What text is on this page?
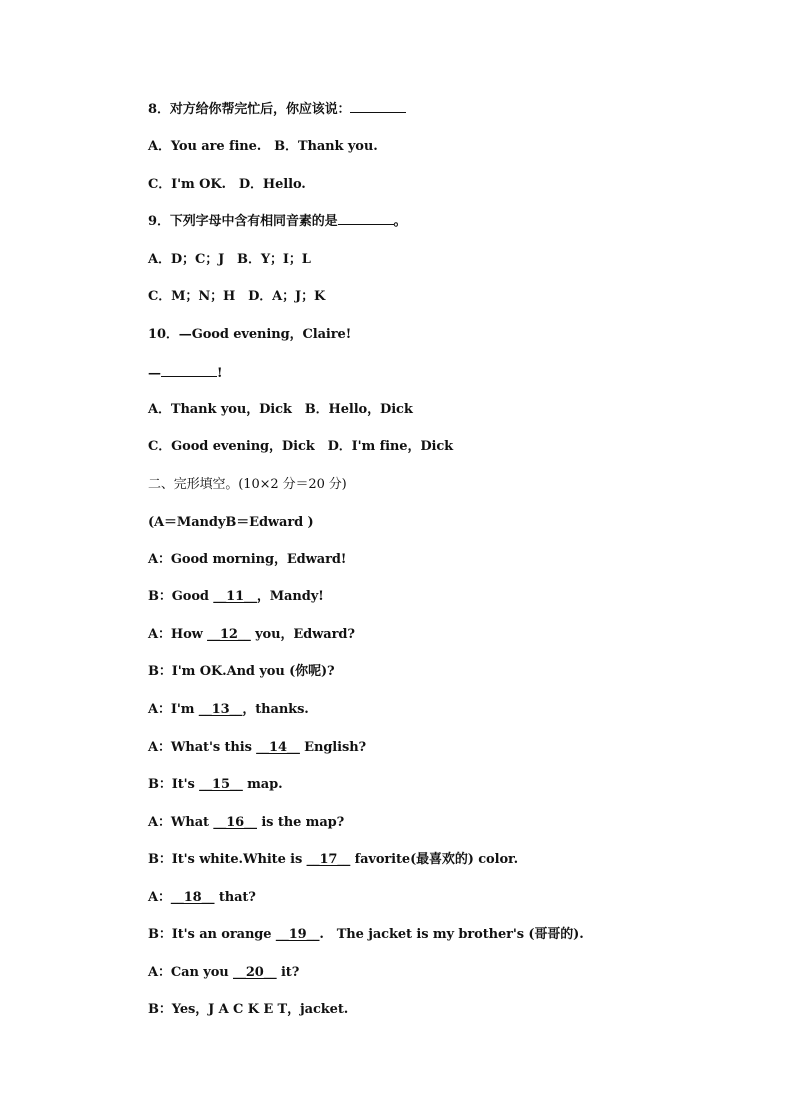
8．对方给你帮完忙后，你应该说：
A．You are fine.　B．Thank you.
C．I'm OK.　D．Hello.
9．下列字母中含有相同音素的是	。
A．D；C；J　B．Y；I；L
C．M；N；H　D．A；J；K
10．—Good evening，Claire!
—	!
A．Thank you，Dick　B．Hello，Dick
C．Good evening，Dick　D．I'm fine，Dick
二、完形填空。(10×2 分＝20 分)
(A＝MandyB＝Edward )
A：Good morning，Edward!
B：Good __11__，Mandy!
A：How __12__ you，Edward?
B：I'm OK.And you (你呢)?
A：I'm __13__，thanks.
A：What's this __14__ English?
B：It's __15__ map.
A：What __16__ is the map?
B：It's white.White is __17__ favorite(最喜欢的) color.
A：__18__ that?
B：It's an orange __19__.　The jacket is my brother's (哥哥的).
A：Can you __20__ it?
B：Yes，J A C K E T，jacket.
